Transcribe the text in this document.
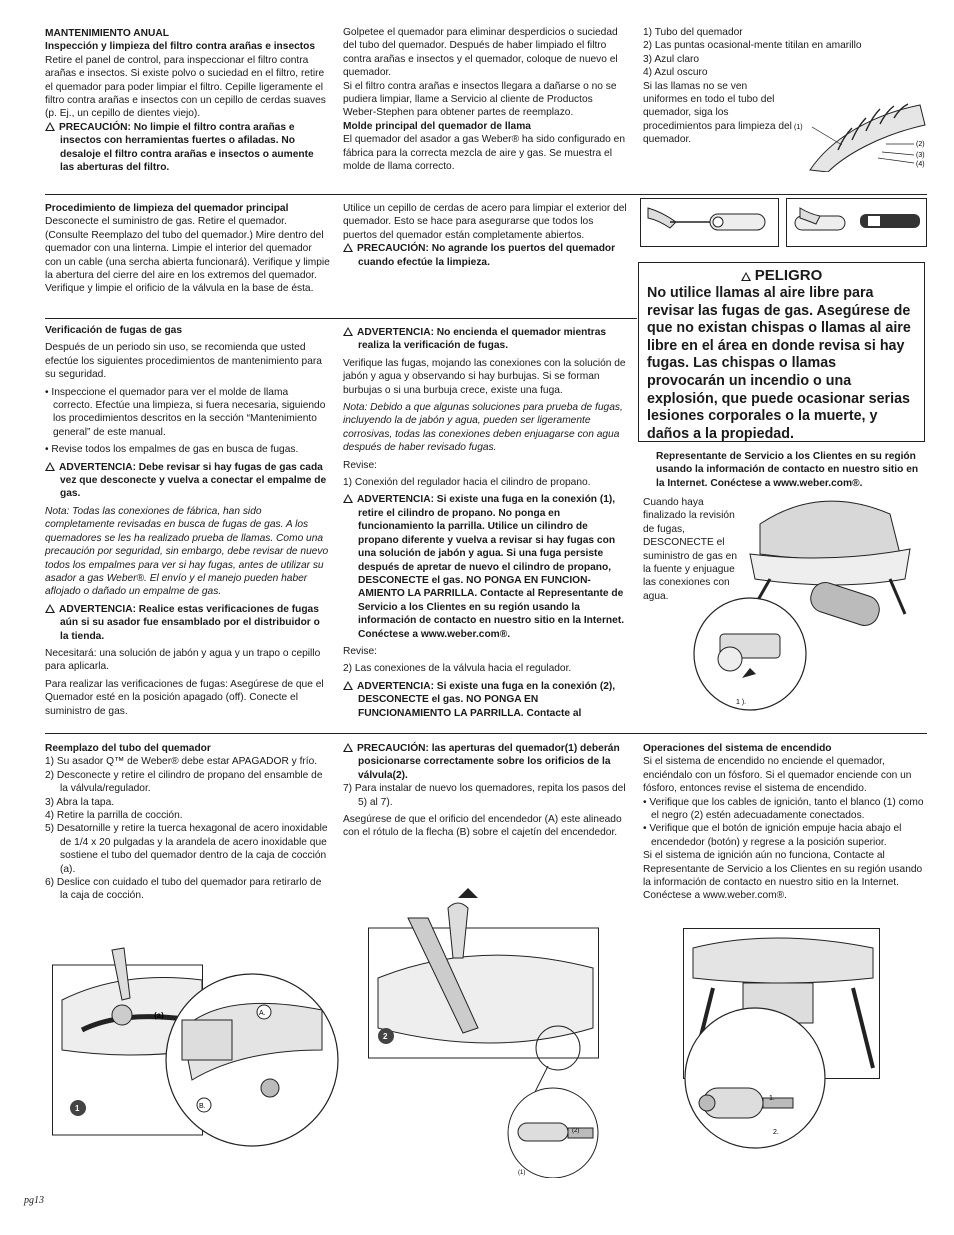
MANTENIMIENTO ANUAL

Inspección y limpieza del filtro contra arañas e insectos

Retire el panel de control, para inspeccionar el filtro contra arañas e insectos. Si existe polvo o suciedad en el filtro, retire el quemador para poder limpiar el filtro. Cepille ligeramente el filtro contra arañas e insectos con un cepillo de cerdas suaves (p. Ej., un cepillo de dientes viejo).

PRECAUCIÓN: No limpie el filtro contra arañas e insectos con herramientas fuertes o afiladas. No desaloje el filtro contra arañas e insectos o aumente las aberturas del filtro.

Golpetee el quemador para eliminar desperdicios o suciedad del tubo del quemador. Después de haber limpiado el filtro contra arañas e insectos y el quemador, coloque de nuevo el quemador.

Si el filtro contra arañas e insectos llegara a dañarse o no se pudiera limpiar, llame a Servicio al cliente de Productos Weber-Stephen para obtener partes de reemplazo.

Molde principal del quemador de llama

El quemador del asador a gas Weber® ha sido configurado en fábrica para la correcta mezcla de aire y gas. Se muestra el molde de llama correcto.

1) Tubo del quemador

2) Las puntas ocasional-mente titilan en amarillo

3) Azul claro

4) Azul oscuro

Si las llamas no se ven uniformes en todo el tubo del quemador, siga los procedimientos para limpieza del quemador.

(1)
(2)
(3)
(4)

Procedimiento de limpieza del quemador principal

Desconecte el suministro de gas. Retire el quemador. (Consulte Reemplazo del tubo del quemador.) Mire dentro del quemador con una linterna. Limpie el interior del quemador con un cable (una sercha abierta funcionará). Verifique y limpie la abertura del cierre del aire en los extremos del quemador. Verifique y limpie el orificio de la válvula en la base de ésta.

Utilice un cepillo de cerdas de acero para limpiar el exterior del quemador. Esto se hace para asegurarse que todos los puertos del quemador están completamente abiertos.

PRECAUCIÓN: No agrande los puertos del quemador cuando efectúe la limpieza.

PELIGRO
No utilice llamas al aire libre para revisar las fugas de gas. Asegúrese de que no existan chispas o llamas al aire libre en el área en donde revisa si hay fugas. Las chispas o llamas provocarán un incendio o una explosión, que puede ocasionar serias lesiones corporales o la muerte, y daños a la propiedad.

Verificación de fugas de gas

Después de un periodo sin uso, se recomienda que usted efectúe los siguientes procedimientos de mantenimiento para su seguridad.

• Inspeccione el quemador para ver el molde de llama correcto. Efectúe una limpieza, si fuera necesaria, siguiendo los procedimientos descritos en la sección “Mantenimiento general” de este manual.

• Revise todos los empalmes de gas en busca de fugas.

ADVERTENCIA: Debe revisar si hay fugas de gas cada vez que desconecte y vuelva a conectar el empalme de gas.

Nota: Todas las conexiones de fábrica, han sido completamente revisadas en busca de fugas de gas. A los quemadores se les ha realizado prueba de llamas. Como una precaución por seguridad, sin embargo, debe revisar de nuevo todos los empalmes para ver si hay fugas, antes de utilizar su asador a gas Weber®. El envío y el manejo pueden haber aflojado o dañado un empalme de gas.

ADVERTENCIA: Realice estas verificaciones de fugas aún si su asador fue ensamblado por el distribuidor o la tienda.

Necesitará: una solución de jabón y agua y un trapo o cepillo para aplicarla.

Para realizar las verificaciones de fugas: Asegúrese de que el Quemador esté en la posición apagado (off). Conecte el suministro de gas.

ADVERTENCIA: No encienda el quemador mientras realiza la verificación de fugas.

Verifique las fugas, mojando las conexiones con la solución de jabón y agua y observando si hay burbujas. Si se forman burbujas o si una burbuja crece, existe una fuga.

Nota: Debido a que algunas soluciones para prueba de fugas, incluyendo la de jabón y agua, pueden ser ligeramente corrosivas, todas las conexiones deben enjuagarse con agua después de haber revisado fugas.

Revise:

1) Conexión del regulador hacia el cilindro de propano.

ADVERTENCIA: Si existe una fuga en la conexión (1), retire el cilindro de propano. No ponga en funcionamiento la parrilla. Utilice un cilindro de propano diferente y vuelva a revisar si hay fugas con una solución de jabón y agua. Si una fuga persiste después de apretar de nuevo el cilindro de propano, DESCONECTE el gas. NO PONGA EN FUNCION-AMIENTO LA PARRILLA. Contacte al Representante de Servicio a los Clientes en su región usando la información de contacto en nuestro sitio en la Internet. Conéctese a www.weber.com®.

Revise:

2) Las conexiones de la válvula hacia el regulador.

ADVERTENCIA: Si existe una fuga en la conexión (2), DESCONECTE el gas. NO PONGA EN FUNCIONAMIENTO LA PARRILLA. Contacte al

Representante de Servicio a los Clientes en su región usando la información de contacto en nuestro sitio en la Internet. Conéctese a www.weber.com®.

Cuando haya finalizado la revisión de fugas, DESCONECTE el suministro de gas en la fuente y enjuague las conexiones con agua.

1 ).

Reemplazo del tubo del quemador

1) Su asador Q™ de Weber® debe estar APAGADOR y frío.

2) Desconecte y retire el cilindro de propano del ensamble de la válvula/regulador.

3) Abra la tapa.

4) Retire la parrilla de cocción.

5) Desatornille y retire la tuerca hexagonal de acero inoxidable de 1/4 x 20 pulgadas y la arandela de acero inoxidable que sostiene el tubo del quemador dentro de la caja de cocción (a).

6) Deslice con cuidado el tubo del quemador para retirarlo de la caja de cocción.

PRECAUCIÓN: las aperturas del quemador(1) deberán posicionarse correctamente sobre los orificios de la válvula(2).

7) Para instalar de nuevo los quemadores, repita los pasos del 5) al 7).

Asegúrese de que el orificio del encendedor (A) este alineado con el rótulo de la flecha (B) sobre el cajetín del encendedor.

Operaciones del sistema de encendido

Si el sistema de encendido no enciende el quemador, enciéndalo con un fósforo. Si el quemador enciende con un fósforo, entonces revise el sistema de encendido.

• Verifique que los cables de ignición, tanto el blanco (1) como el negro (2) estén adecuadamente conectados.

• Verifique que el botón de ignición empuje hacia abajo el encendedor (botón) y regrese a la posición superior.

Si el sistema de ignición aún no funciona, Contacte al Representante de Servicio a los Clientes en su región usando la información de contacto en nuestro sitio en la Internet. Conéctese a www.weber.com®.

1
(a)	A.
B.
2
(2)
(1)
1.
2.
pg13
